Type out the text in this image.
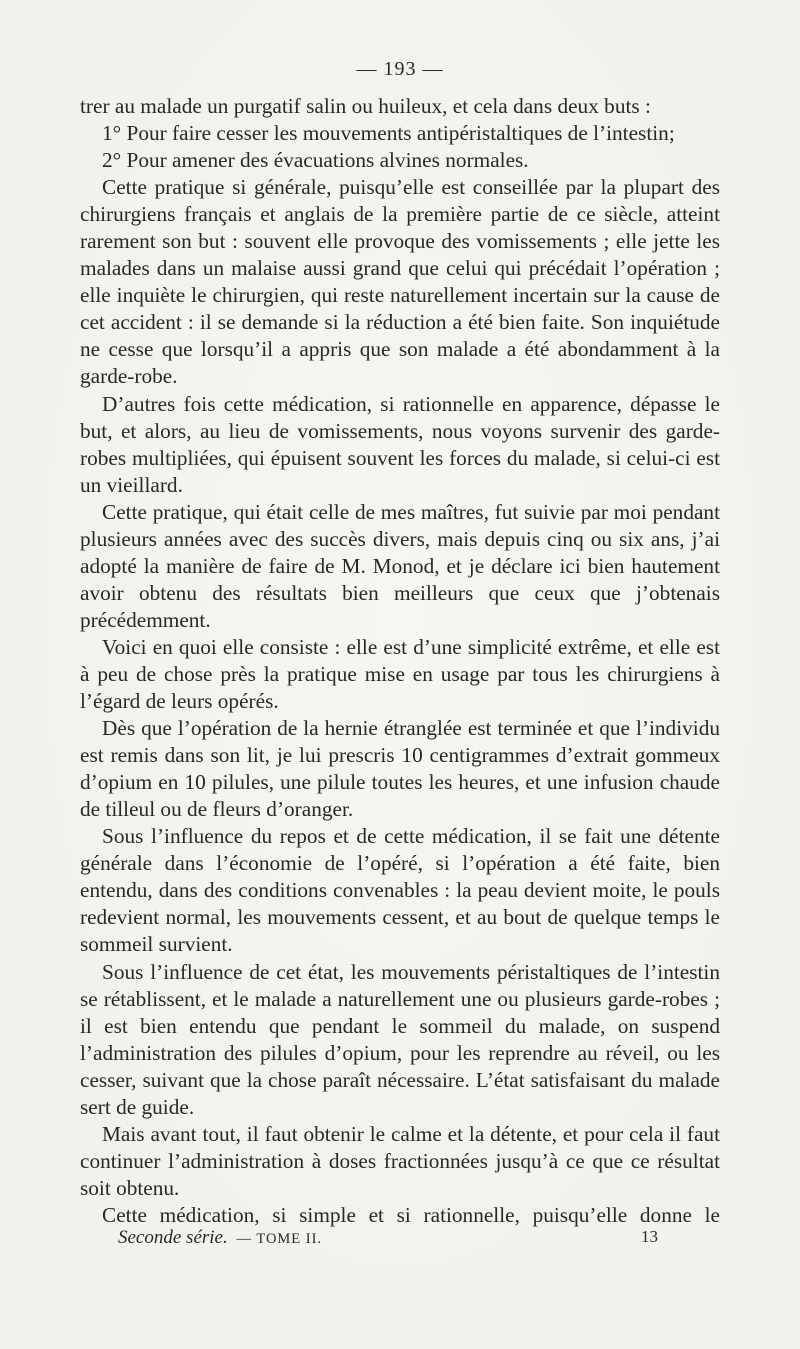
— 193 —

trer au malade un purgatif salin ou huileux, et cela dans deux buts :

1° Pour faire cesser les mouvements antipéristaltiques de l’intestin;

2° Pour amener des évacuations alvines normales.

Cette pratique si générale, puisqu’elle est conseillée par la plupart des chirurgiens français et anglais de la première partie de ce siècle, atteint rarement son but : souvent elle provoque des vomissements ; elle jette les malades dans un malaise aussi grand que celui qui précédait l’opération ; elle inquiète le chirurgien, qui reste naturellement incertain sur la cause de cet accident : il se demande si la réduction a été bien faite. Son inquiétude ne cesse que lorsqu’il a appris que son malade a été abondamment à la garde-robe.

D’autres fois cette médication, si rationnelle en apparence, dépasse le but, et alors, au lieu de vomissements, nous voyons survenir des garde-robes multipliées, qui épuisent souvent les forces du malade, si celui-ci est un vieillard.

Cette pratique, qui était celle de mes maîtres, fut suivie par moi pendant plusieurs années avec des succès divers, mais depuis cinq ou six ans, j’ai adopté la manière de faire de M. Monod, et je déclare ici bien hautement avoir obtenu des résultats bien meilleurs que ceux que j’obtenais précédemment.

Voici en quoi elle consiste : elle est d’une simplicité extrême, et elle est à peu de chose près la pratique mise en usage par tous les chirurgiens à l’égard de leurs opérés.

Dès que l’opération de la hernie étranglée est terminée et que l’individu est remis dans son lit, je lui prescris 10 centigrammes d’extrait gommeux d’opium en 10 pilules, une pilule toutes les heures, et une infusion chaude de tilleul ou de fleurs d’oranger.

Sous l’influence du repos et de cette médication, il se fait une détente générale dans l’économie de l’opéré, si l’opération a été faite, bien entendu, dans des conditions convenables : la peau devient moite, le pouls redevient normal, les mouvements cessent, et au bout de quelque temps le sommeil survient.

Sous l’influence de cet état, les mouvements péristaltiques de l’intestin se rétablissent, et le malade a naturellement une ou plusieurs garde-robes ; il est bien entendu que pendant le sommeil du malade, on suspend l’administration des pilules d’opium, pour les reprendre au réveil, ou les cesser, suivant que la chose paraît nécessaire. L’état satisfaisant du malade sert de guide.

Mais avant tout, il faut obtenir le calme et la détente, et pour cela il faut continuer l’administration à doses fractionnées jusqu’à ce que ce résultat soit obtenu.

Cette médication, si simple et si rationnelle, puisqu’elle donne le

Seconde série. — TOME II.	13
